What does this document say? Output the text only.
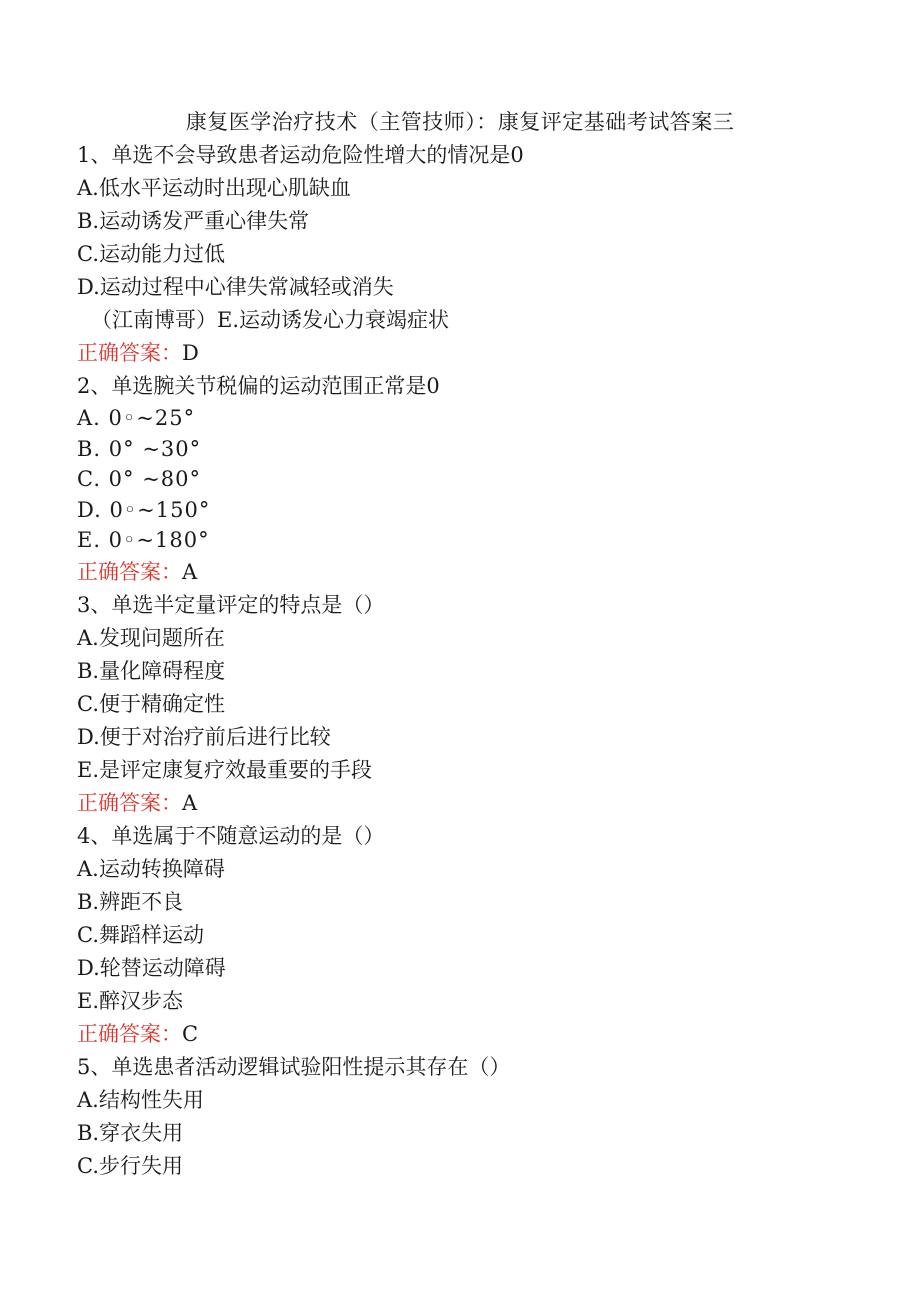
康复医学治疗技术（主管技师）：康复评定基础考试答案三
1、单选不会导致患者运动危险性增大的情况是0
A.低水平运动时出现心肌缺血
B.运动诱发严重心律失常
C.运动能力过低
D.运动过程中心律失常减轻或消失
（江南博哥）E.运动诱发心力衰竭症状
正确答案：D
2、单选腕关节税偏的运动范围正常是0
A. 0◦~25°
B. 0° ~30°
C. 0° ~80°
D. 0◦~150°
E. 0◦~180°
正确答案：A
3、单选半定量评定的特点是（）
A.发现问题所在
B.量化障碍程度
C.便于精确定性
D.便于对治疗前后进行比较
E.是评定康复疗效最重要的手段
正确答案：A
4、单选属于不随意运动的是（）
A.运动转换障碍
B.辨距不良
C.舞蹈样运动
D.轮替运动障碍
E.醉汉步态
正确答案：C
5、单选患者活动逻辑试验阳性提示其存在（）
A.结构性失用
B.穿衣失用
C.步行失用
